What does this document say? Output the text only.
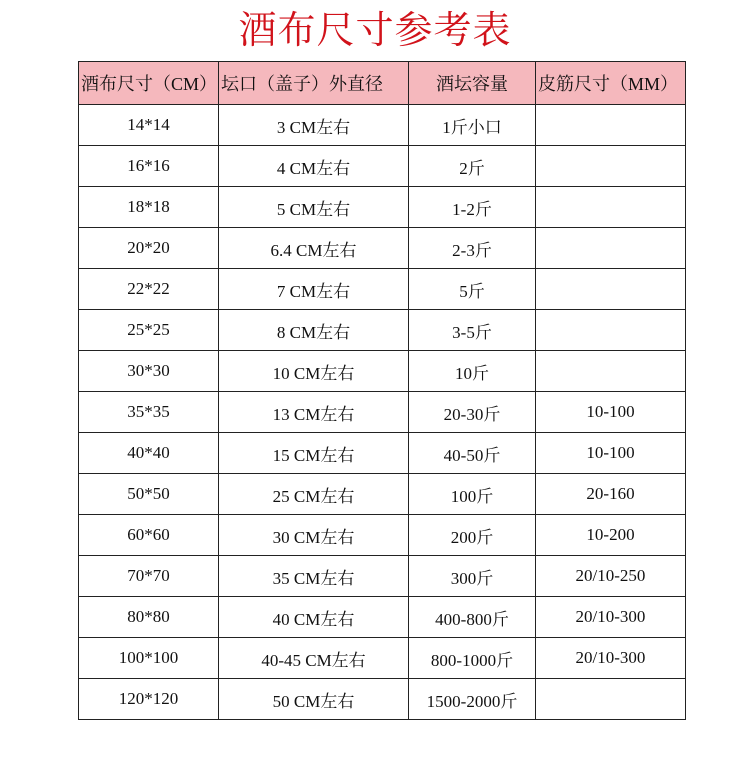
酒布尺寸参考表
酒布尺寸（CM）	坛口（盖子）外直径	酒坛容量	皮筋尺寸（MM）
14*14	3 CM左右	1斤小口	
16*16	4 CM左右	2斤	
18*18	5 CM左右	1-2斤	
20*20	6.4 CM左右	2-3斤	
22*22	7 CM左右	5斤	
25*25	8 CM左右	3-5斤	
30*30	10 CM左右	10斤	
35*35	13 CM左右	20-30斤	10-100
40*40	15 CM左右	40-50斤	10-100
50*50	25 CM左右	100斤	20-160
60*60	30 CM左右	200斤	10-200
70*70	35 CM左右	300斤	20/10-250
80*80	40 CM左右	400-800斤	20/10-300
100*100	40-45 CM左右	800-1000斤	20/10-300
120*120	50 CM左右	1500-2000斤	
